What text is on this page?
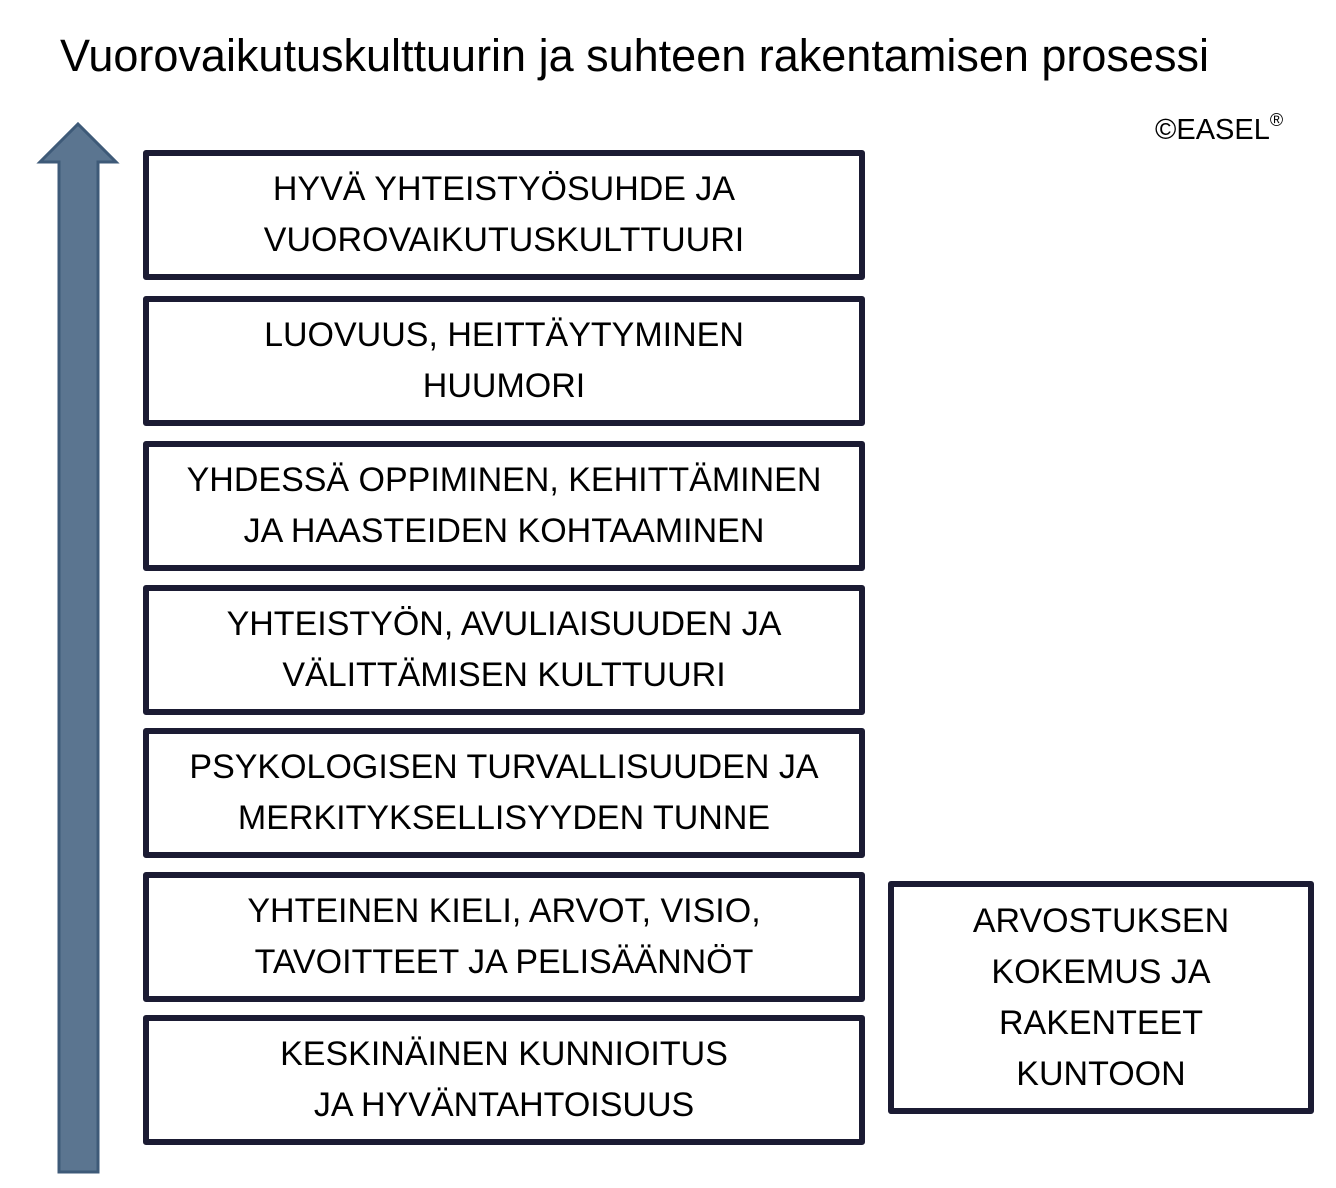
Vuorovaikutuskulttuurin ja suhteen rakentamisen prosessi
©EASEL®
HYVÄ YHTEISTYÖSUHDE JA
VUOROVAIKUTUSKULTTUURI
LUOVUUS, HEITTÄYTYMINEN
HUUMORI
YHDESSÄ OPPIMINEN, KEHITTÄMINEN
JA HAASTEIDEN KOHTAAMINEN
YHTEISTYÖN, AVULIAISUUDEN JA
VÄLITTÄMISEN KULTTUURI
PSYKOLOGISEN TURVALLISUUDEN JA
MERKITYKSELLISYYDEN TUNNE
YHTEINEN KIELI, ARVOT, VISIO,
TAVOITTEET JA PELISÄÄNNÖT
KESKINÄINEN KUNNIOITUS
JA HYVÄNTAHTOISUUS
ARVOSTUKSEN
KOKEMUS JA
RAKENTEET
KUNTOON
